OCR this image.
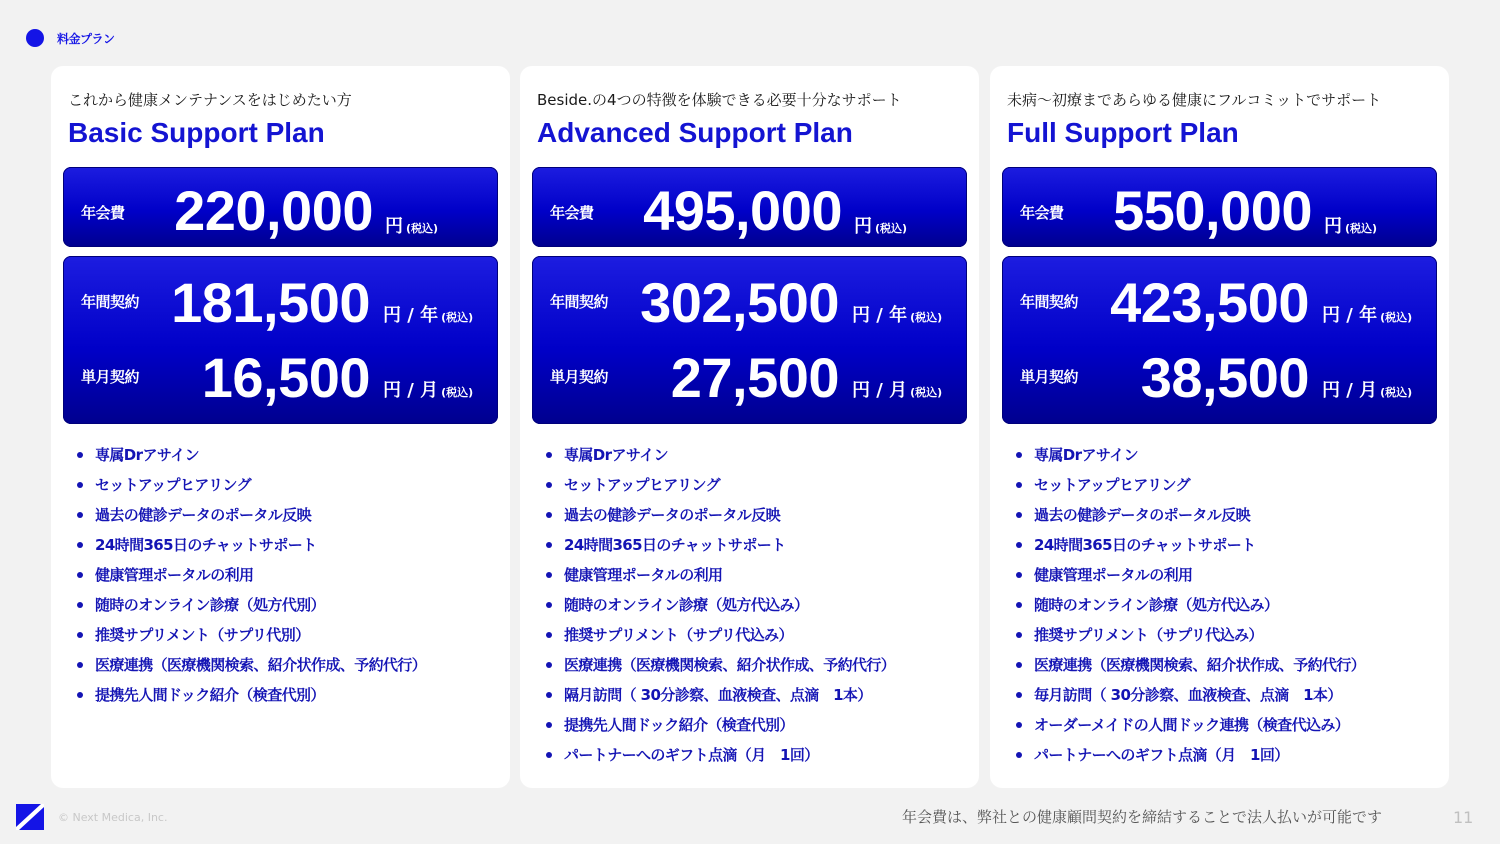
料金プラン
これから健康メンテナンスをはじめたい方
Basic Support Plan
年会費 220,000 円 (税込)
年間契約 181,500 円 / 年 (税込)
単月契約 16,500 円 / 月 (税込)
専属Drアサイン
セットアップヒアリング
過去の健診データのポータル反映
24時間365日のチャットサポート
健康管理ポータルの利用
随時のオンライン診療（処方代別）
推奨サプリメント（サプリ代別）
医療連携（医療機関検索、紹介状作成、予約代行）
提携先人間ドック紹介（検査代別）
Beside.の4つの特徴を体験できる必要十分なサポート
Advanced Support Plan
年会費 495,000 円 (税込)
年間契約 302,500 円 / 年 (税込)
単月契約 27,500 円 / 月 (税込)
専属Drアサイン
セットアップヒアリング
過去の健診データのポータル反映
24時間365日のチャットサポート
健康管理ポータルの利用
随時のオンライン診療（処方代込み）
推奨サプリメント（サプリ代込み）
医療連携（医療機関検索、紹介状作成、予約代行）
隔月訪問（ 30分診察、血液検査、点滴　1本）
提携先人間ドック紹介（検査代別）
パートナーへのギフト点滴（月　1回）
未病～初療まであらゆる健康にフルコミットでサポート
Full Support Plan
年会費 550,000 円 (税込)
年間契約 423,500 円 / 年 (税込)
単月契約 38,500 円 / 月 (税込)
専属Drアサイン
セットアップヒアリング
過去の健診データのポータル反映
24時間365日のチャットサポート
健康管理ポータルの利用
随時のオンライン診療（処方代込み）
推奨サプリメント（サプリ代込み）
医療連携（医療機関検索、紹介状作成、予約代行）
毎月訪問（ 30分診察、血液検査、点滴　1本）
オーダーメイドの人間ドック連携（検査代込み）
パートナーへのギフト点滴（月　1回）
© Next Medica, Inc.	年会費は、弊社との健康顧問契約を締結することで法人払いが可能です	11
